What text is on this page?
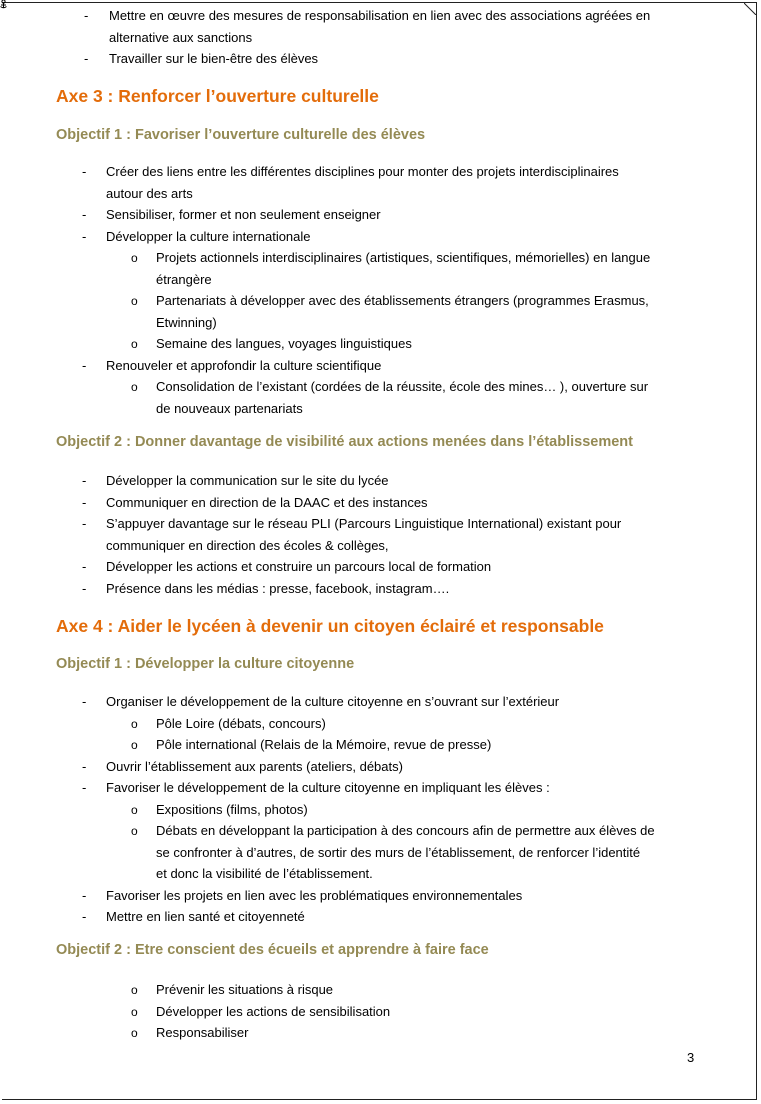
- Mettre en œuvre des mesures de responsabilisation en lien avec des associations agréées en
alternative aux sanctions
- Travailler sur le bien-être des élèves
Axe 3 : Renforcer l’ouverture culturelle
Objectif 1 : Favoriser l’ouverture culturelle des élèves
- Créer des liens entre les différentes disciplines pour monter des projets interdisciplinaires
autour des arts
- Sensibiliser, former et non seulement enseigner
- Développer la culture internationale
o Projets actionnels interdisciplinaires (artistiques, scientifiques, mémorielles) en langue
étrangère
o Partenariats à développer avec des établissements étrangers (programmes Erasmus,
Etwinning)
o Semaine des langues, voyages linguistiques
- Renouveler et approfondir la culture scientifique
o Consolidation de l’existant (cordées de la réussite, école des mines… ), ouverture sur
de nouveaux partenariats
Objectif 2 : Donner davantage de visibilité aux actions menées dans l’établissement
- Développer la communication sur le site du lycée
- Communiquer en direction de la DAAC et des instances
- S’appuyer davantage sur le réseau PLI (Parcours Linguistique International) existant pour
communiquer en direction des écoles & collèges,
- Développer les actions et construire un parcours local de formation
- Présence dans les médias : presse, facebook, instagram….
Axe 4 : Aider le lycéen à devenir un citoyen éclairé et responsable
Objectif 1 : Développer la culture citoyenne
- Organiser le développement de la culture citoyenne en s’ouvrant sur l’extérieur
o Pôle Loire (débats, concours)
o Pôle international (Relais de la Mémoire, revue de presse)
- Ouvrir l’établissement aux parents (ateliers, débats)
- Favoriser le développement de la culture citoyenne en impliquant les élèves :
o Expositions (films, photos)
o Débats en développant la participation à des concours afin de permettre aux élèves de
se confronter à d’autres, de sortir des murs de l’établissement, de renforcer l’identité
et donc la visibilité de l’établissement.
- Favoriser les projets en lien avec les problématiques environnementales
- Mettre en lien santé et citoyenneté
Objectif 2 : Etre conscient des écueils et apprendre à faire face
o Prévenir les situations à risque
o Développer les actions de sensibilisation
o Responsabiliser
3
